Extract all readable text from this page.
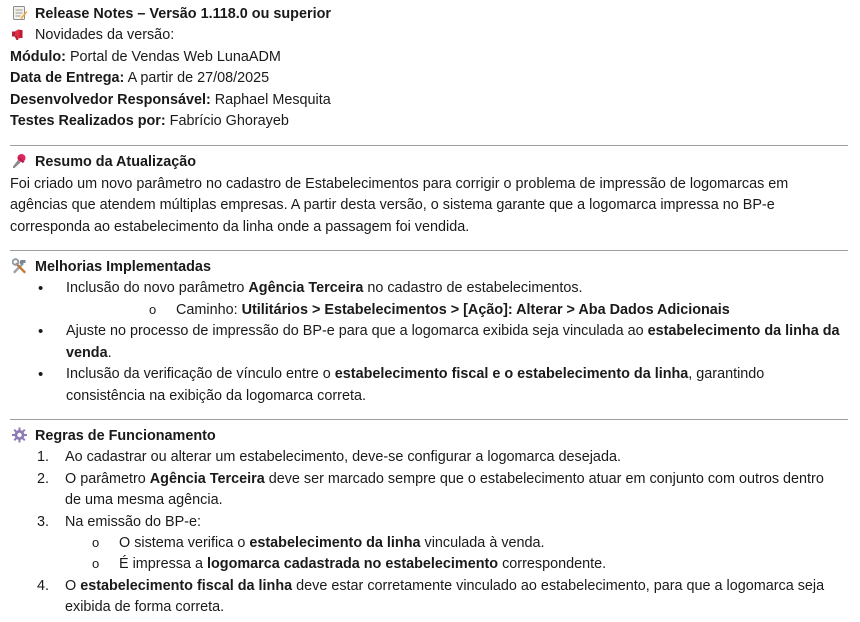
Release Notes – Versão 1.118.0 ou superior
Novidades da versão:
Módulo: Portal de Vendas Web LunaADM
Data de Entrega: A partir de 27/08/2025
Desenvolvedor Responsável: Raphael Mesquita
Testes Realizados por: Fabrício Ghorayeb
Resumo da Atualização

Foi criado um novo parâmetro no cadastro de Estabelecimentos para corrigir o problema de impressão de logomarcas em agências que atendem múltiplas empresas. A partir desta versão, o sistema garante que a logomarca impressa no BP-e corresponda ao estabelecimento da linha onde a passagem foi vendida.

Melhorias Implementadas
• Inclusão do novo parâmetro Agência Terceira no cadastro de estabelecimentos.
o Caminho: Utilitários > Estabelecimentos > [Ação]: Alterar > Aba Dados Adicionais
• Ajuste no processo de impressão do BP-e para que a logomarca exibida seja vinculada ao estabelecimento da linha da venda.
• Inclusão da verificação de vínculo entre o estabelecimento fiscal e o estabelecimento da linha, garantindo consistência na exibição da logomarca correta.
Regras de Funcionamento
1. Ao cadastrar ou alterar um estabelecimento, deve-se configurar a logomarca desejada.
2. O parâmetro Agência Terceira deve ser marcado sempre que o estabelecimento atuar em conjunto com outros dentro de uma mesma agência.
3. Na emissão do BP-e:
o O sistema verifica o estabelecimento da linha vinculada à venda.
o É impressa a logomarca cadastrada no estabelecimento correspondente.
4. O estabelecimento fiscal da linha deve estar corretamente vinculado ao estabelecimento, para que a logomarca seja exibida de forma correta.
